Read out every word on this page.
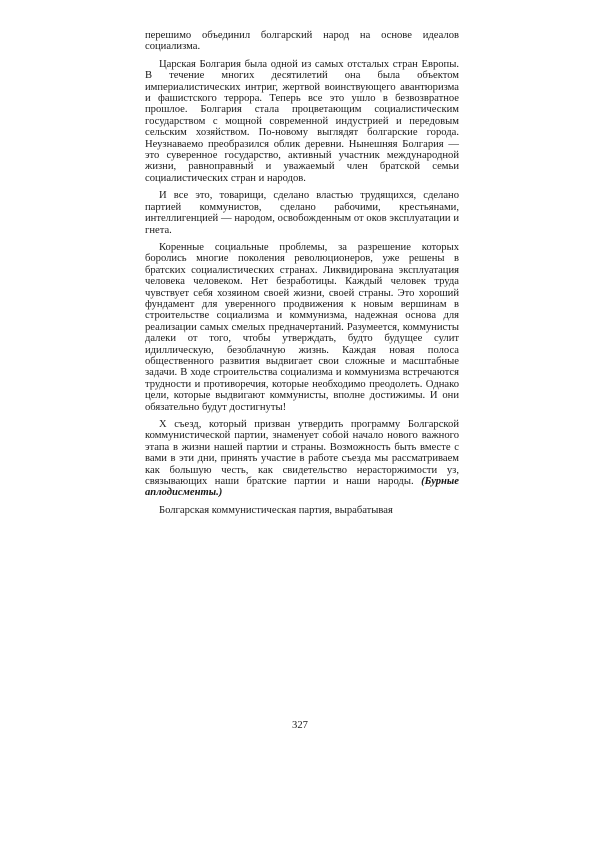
перешимо объединил болгарский народ на основе идеалов социализма.

Царская Болгария была одной из самых отсталых стран Европы. В течение многих десятилетий она была объектом империалистических интриг, жертвой воинствующего авантюризма и фашистского террора. Теперь все это ушло в безвозвратное прошлое. Болгария стала процветающим социалистическим государством с мощной современной индустрией и передовым сельским хозяйством. По-новому выглядят болгарские города. Неузнаваемо преобразился облик деревни. Нынешняя Болгария — это суверенное государство, активный участник международной жизни, равноправный и уважаемый член братской семьи социалистических стран и народов.

И все это, товарищи, сделано властью трудящихся, сделано партией коммунистов, сделано рабочими, крестьянами, интеллигенцией — народом, освобожденным от оков эксплуатации и гнета.

Коренные социальные проблемы, за разрешение которых боролись многие поколения революционеров, уже решены в братских социалистических странах. Ликвидирована эксплуатация человека человеком. Нет безработицы. Каждый человек труда чувствует себя хозяином своей жизни, своей страны. Это хороший фундамент для уверенного продвижения к новым вершинам в строительстве социализма и коммунизма, надежная основа для реализации самых смелых предначертаний. Разумеется, коммунисты далеки от того, чтобы утверждать, будто будущее сулит идиллическую, безоблачную жизнь. Каждая новая полоса общественного развития выдвигает свои сложные и масштабные задачи. В ходе строительства социализма и коммунизма встречаются трудности и противоречия, которые необходимо преодолеть. Однако цели, которые выдвигают коммунисты, вполне достижимы. И они обязательно будут достигнуты!

X съезд, который призван утвердить программу Болгарской коммунистической партии, знаменует собой начало нового важного этапа в жизни нашей партии и страны. Возможность быть вместе с вами в эти дни, принять участие в работе съезда мы рассматриваем как большую честь, как свидетельство нерасторжимости уз, связывающих наши братские партии и наши народы. (Бурные аплодисменты.)

Болгарская коммунистическая партия, вырабатывая

327
